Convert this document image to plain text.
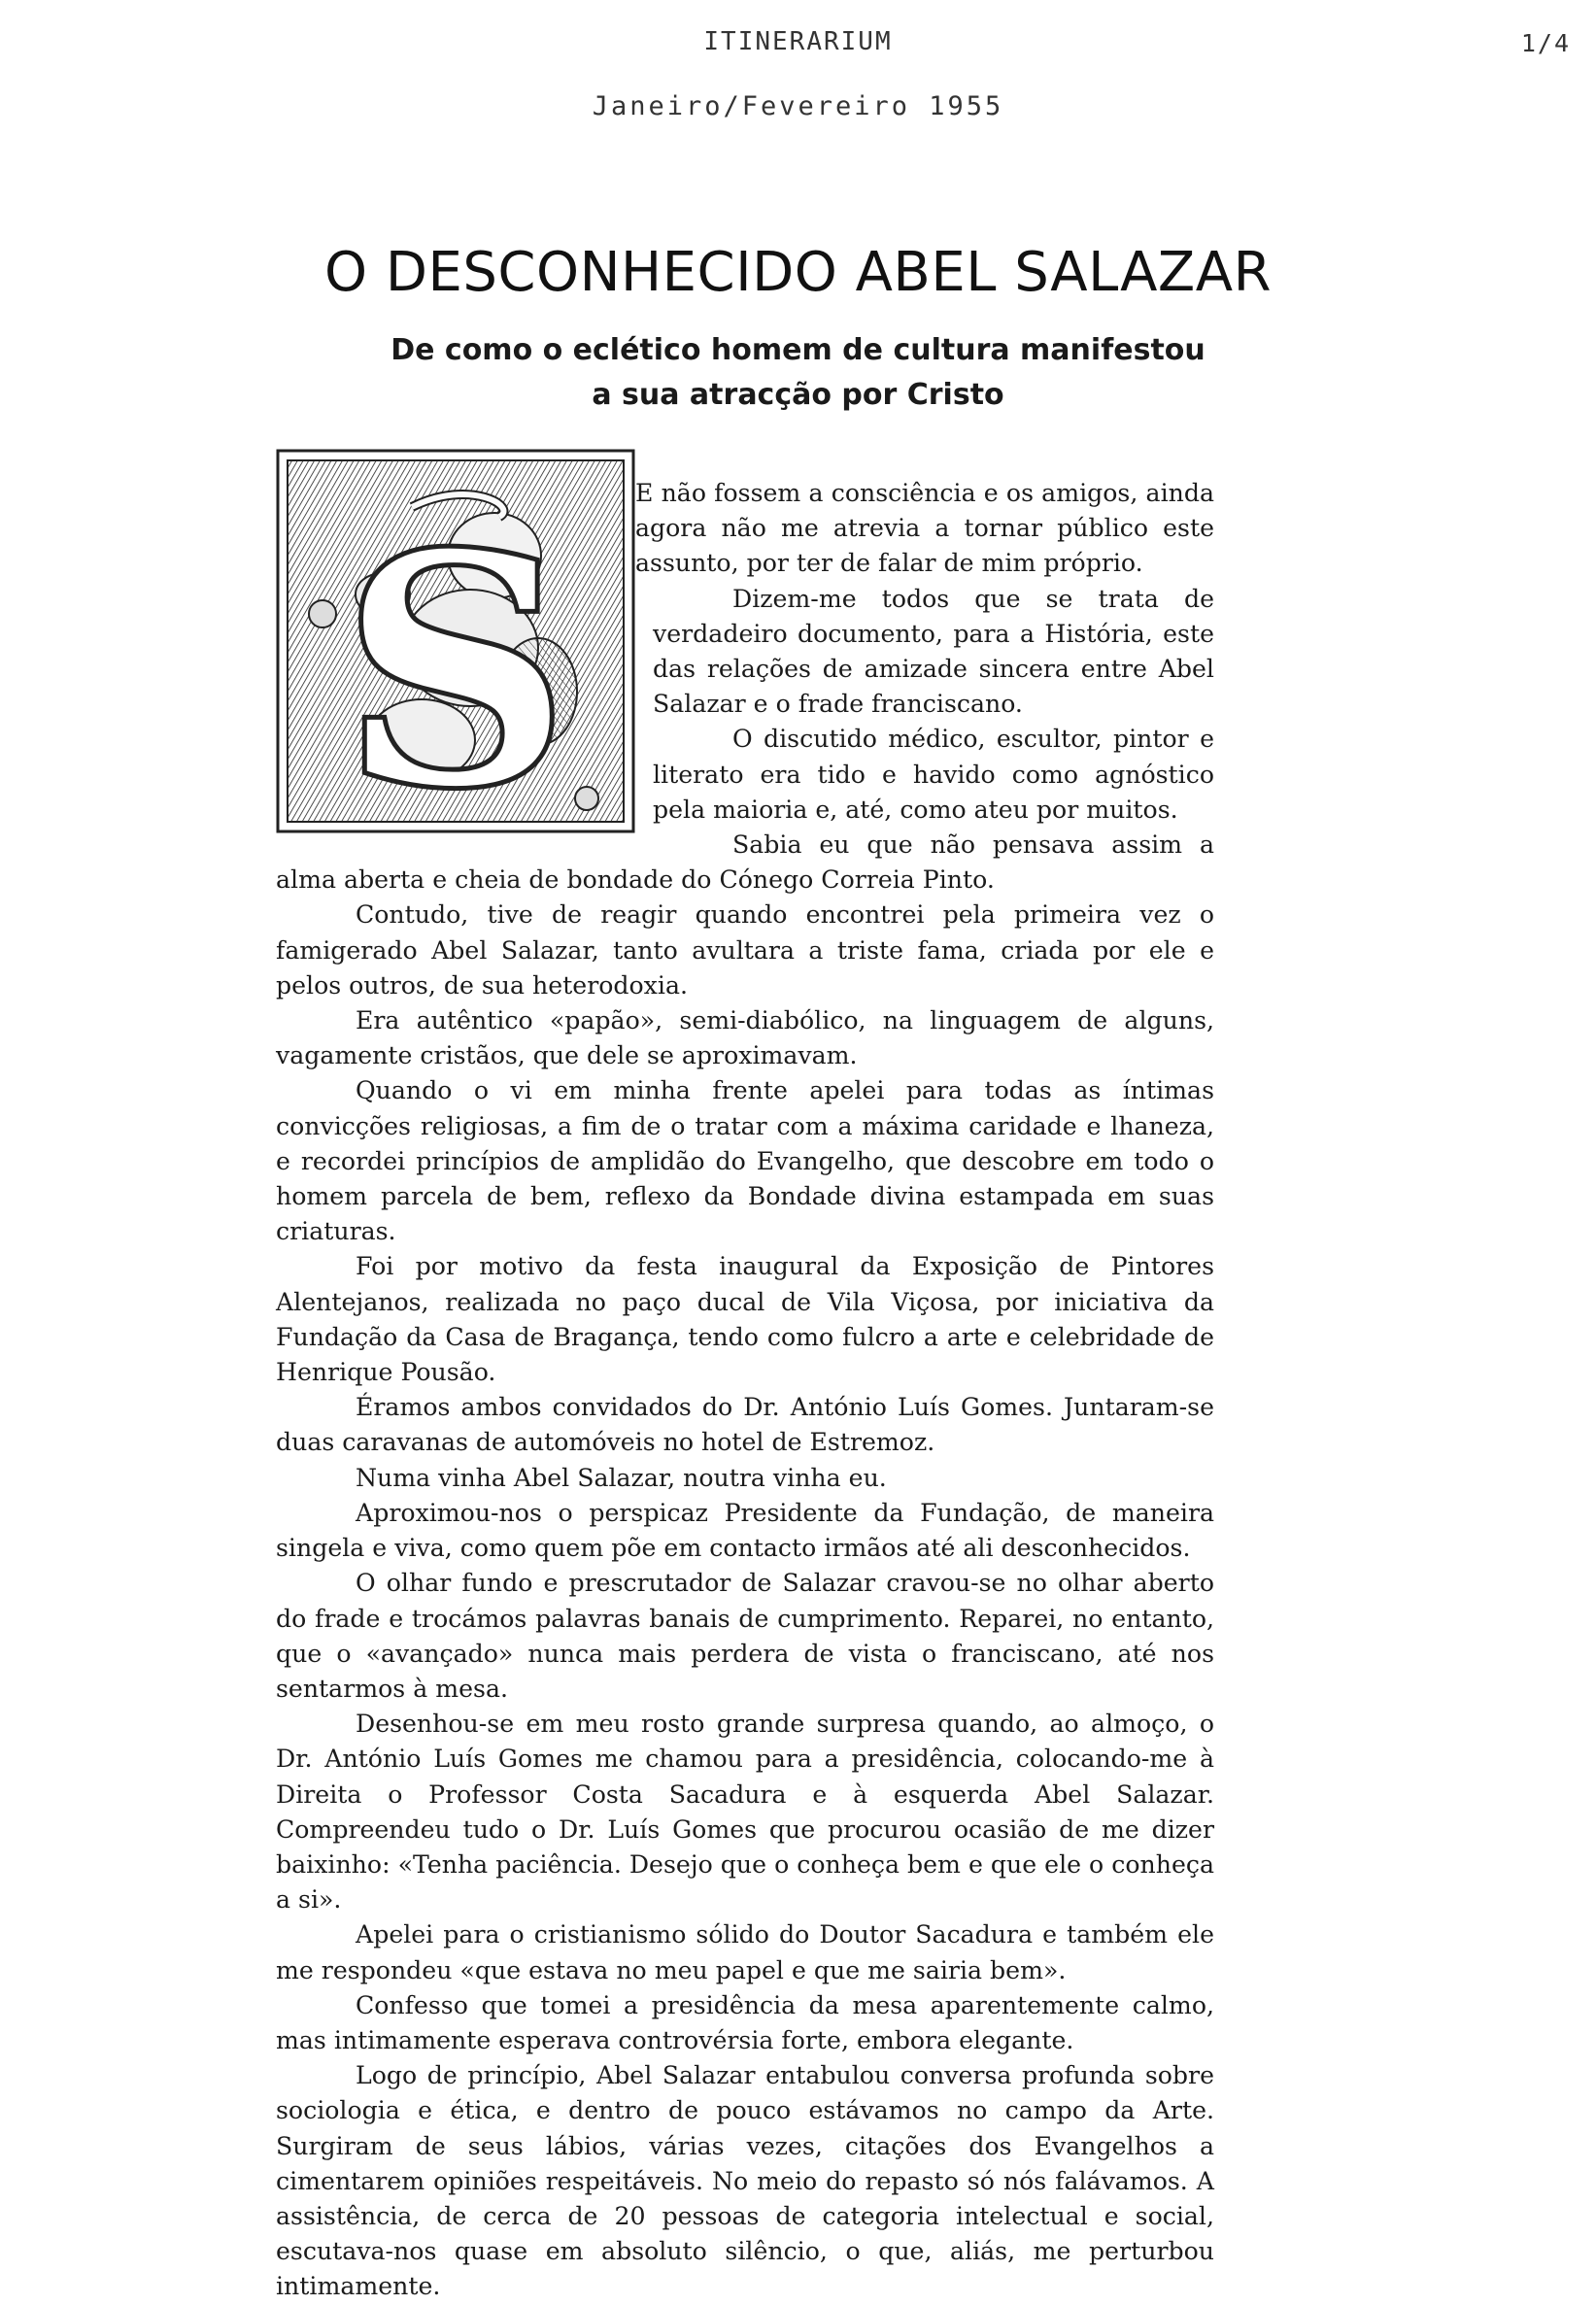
ITINERARIUM	1/4
Janeiro/Fevereiro 1955
O DESCONHECIDO ABEL SALAZAR
De como o eclético homem de cultura manifestou
a sua atracção por Cristo
S	E não fossem a consciência e os amigos, ainda agora não me atrevia a tornar público este assunto, por ter de falar de mim próprio.

Dizem-me todos que se trata de verdadeiro documento, para a História, este das relações de amizade sincera entre Abel Salazar e o frade franciscano.

O discutido médico, escultor, pintor e literato era tido e havido como agnóstico pela maioria e, até, como ateu por muitos.

Sabia eu que não pensava assim a alma aberta e cheia de bondade do Cónego Correia Pinto.

Contudo, tive de reagir quando encontrei pela primeira vez o famigerado Abel Salazar, tanto avultara a triste fama, criada por ele e pelos outros, de sua heterodoxia.

Era autêntico «papão», semi-diabólico, na linguagem de alguns, vagamente cristãos, que dele se aproximavam.

Quando o vi em minha frente apelei para todas as íntimas convicções religiosas, a fim de o tratar com a máxima caridade e lhaneza, e recordei princípios de amplidão do Evangelho, que descobre em todo o homem parcela de bem, reflexo da Bondade divina estampada em suas criaturas.

Foi por motivo da festa inaugural da Exposição de Pintores Alentejanos, realizada no paço ducal de Vila Viçosa, por iniciativa da Fundação da Casa de Bragança, tendo como fulcro a arte e celebridade de Henrique Pousão.

Éramos ambos convidados do Dr. António Luís Gomes. Juntaram-se duas caravanas de automóveis no hotel de Estremoz.

Numa vinha Abel Salazar, noutra vinha eu.

Aproximou-nos o perspicaz Presidente da Fundação, de maneira singela e viva, como quem põe em contacto irmãos até ali desconhecidos.

O olhar fundo e prescrutador de Salazar cravou-se no olhar aberto do frade e trocámos palavras banais de cumprimento. Reparei, no entanto, que o «avançado» nunca mais perdera de vista o franciscano, até nos sentarmos à mesa.

Desenhou-se em meu rosto grande surpresa quando, ao almoço, o Dr. António Luís Gomes me chamou para a presidência, colocando-me à Direita o Professor Costa Sacadura e à esquerda Abel Salazar. Compreendeu tudo o Dr. Luís Gomes que procurou ocasião de me dizer baixinho: «Tenha paciência. Desejo que o conheça bem e que ele o conheça a si».

Apelei para o cristianismo sólido do Doutor Sacadura e também ele me respondeu «que estava no meu papel e que me sairia bem».

Confesso que tomei a presidência da mesa aparentemente calmo, mas intimamente esperava controvérsia forte, embora elegante.

Logo de princípio, Abel Salazar entabulou conversa profunda sobre sociologia e ética, e dentro de pouco estávamos no campo da Arte. Surgiram de seus lábios, várias vezes, citações dos Evangelhos a cimentarem opiniões respeitáveis. No meio do repasto só nós falávamos. A assistência, de cerca de 20 pessoas de categoria intelectual e social, escutava-nos quase em absoluto silêncio, o que, aliás, me perturbou intimamente.
